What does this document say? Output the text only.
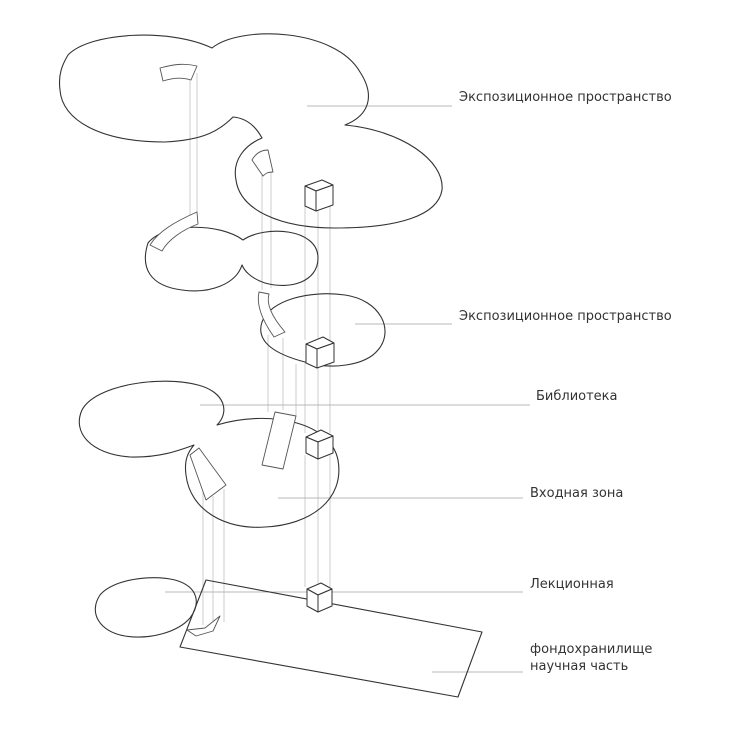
Экспозиционное пространство
Экспозиционное пространство
Библиотека
Входная зона
Лекционная
фондохранилище
научная часть
